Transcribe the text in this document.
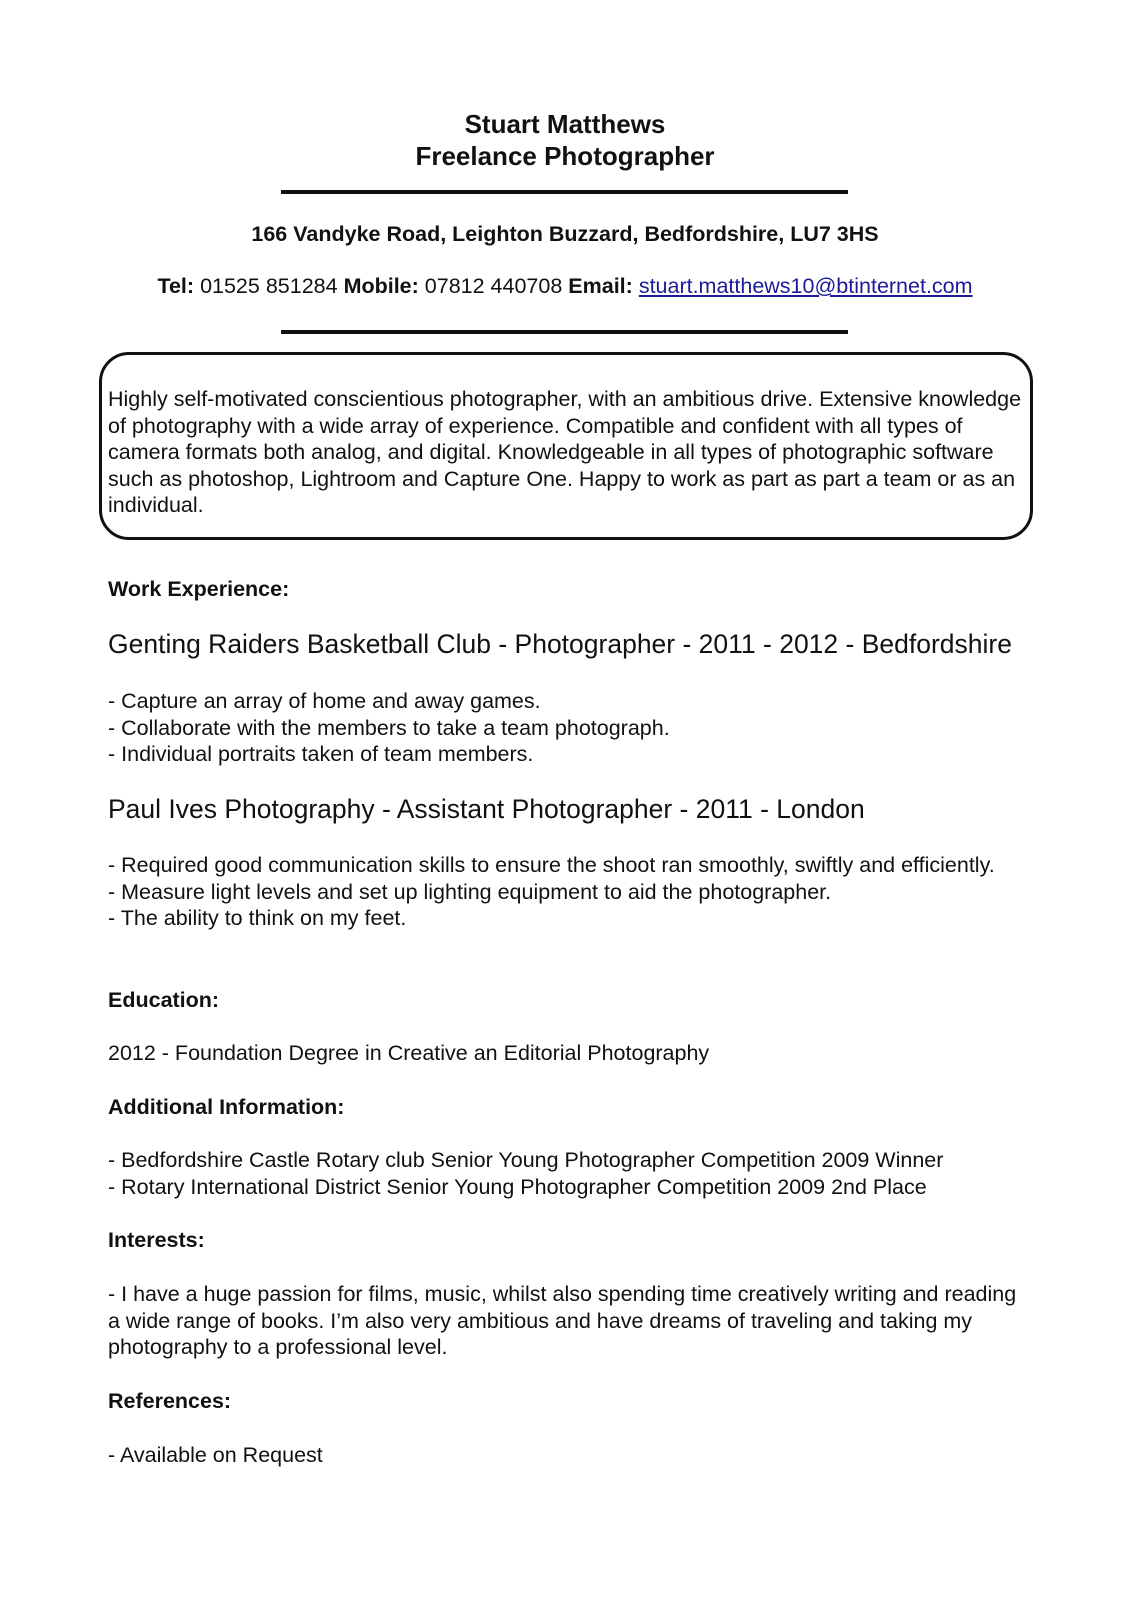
Stuart Matthews
Freelance Photographer
166 Vandyke Road, Leighton Buzzard, Bedfordshire, LU7 3HS
Tel: 01525 851284 Mobile: 07812 440708 Email: stuart.matthews10@btinternet.com

Highly self-motivated conscientious photographer, with an ambitious drive. Extensive knowledge of photography with a wide array of experience. Compatible and confident with all types of camera formats both analog, and digital. Knowledgeable in all types of photographic software such as photoshop, Lightroom and Capture One. Happy to work as part as part a team or as an individual.

Work Experience:

Genting Raiders Basketball Club - Photographer - 2011 - 2012 - Bedfordshire

- Capture an array of home and away games.
- Collaborate with the members to take a team photograph.
- Individual portraits taken of team members.

Paul Ives Photography - Assistant Photographer - 2011 - London

- Required good communication skills to ensure the shoot ran smoothly, swiftly and efficiently.
- Measure light levels and set up lighting equipment to aid the photographer.
- The ability to think on my feet.

Education:

2012 - Foundation Degree in Creative an Editorial Photography

Additional Information:

- Bedfordshire Castle Rotary club Senior Young Photographer Competition 2009 Winner
- Rotary International District Senior Young Photographer Competition 2009 2nd Place

Interests:

- I have a huge passion for films, music, whilst also spending time creatively writing and reading a wide range of books. I’m also very ambitious and have dreams of traveling and taking my photography to a professional level.

References:

- Available on Request
